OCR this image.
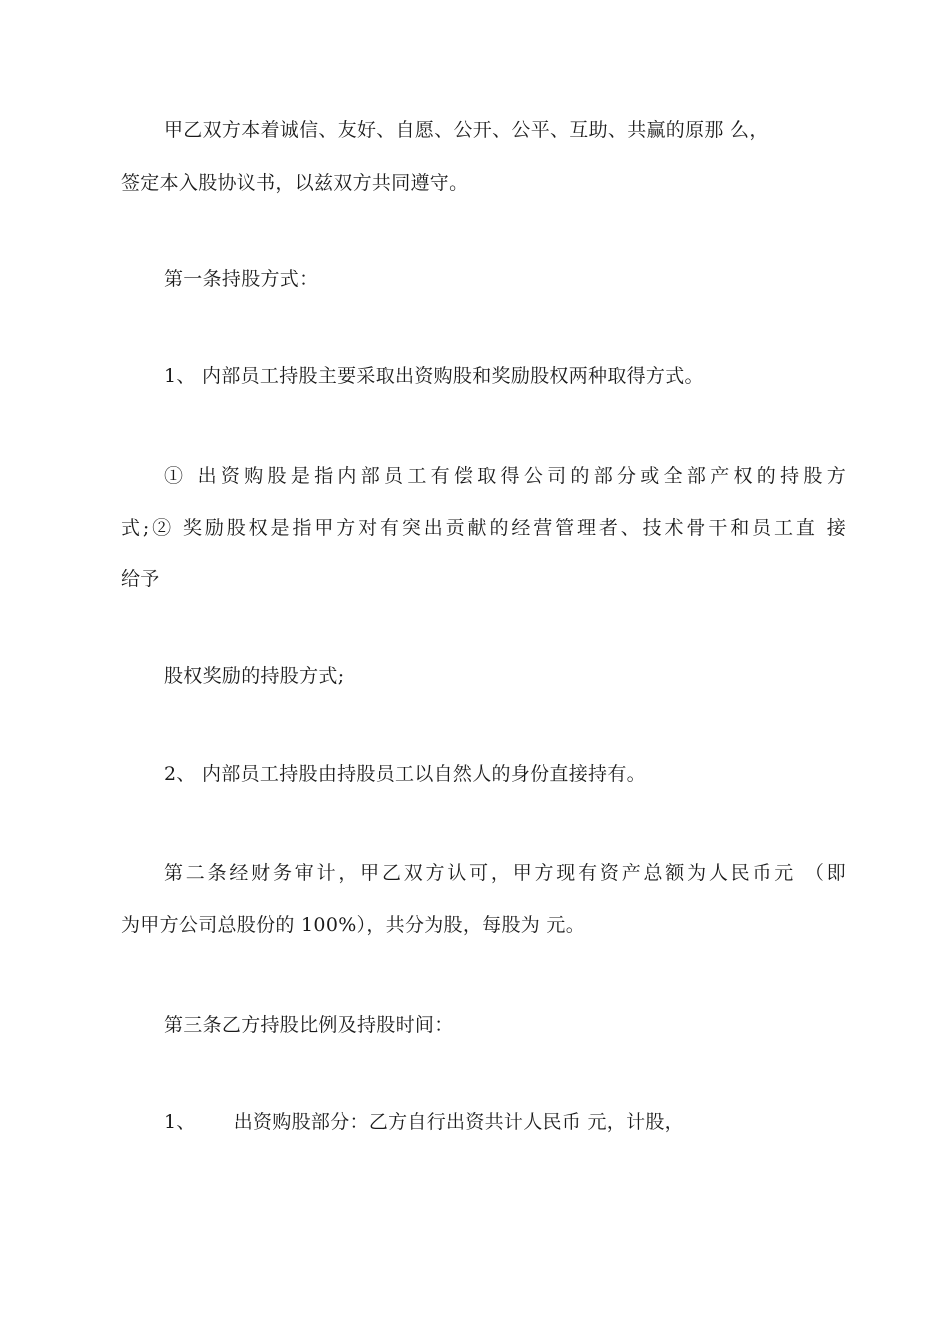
甲乙双方本着诚信、友好、自愿、公开、公平、互助、共赢的原那 么，
签定本入股协议书，以兹双方共同遵守。
第一条持股方式：
1、 内部员工持股主要采取出资购股和奖励股权两种取得方式。
① 出资购股是指内部员工有偿取得公司的部分或全部产权的持股方
式;② 奖励股权是指甲方对有突出贡献的经营管理者、技术骨干和员工直 接
给予
股权奖励的持股方式;
2、 内部员工持股由持股员工以自然人的身份直接持有。
第二条经财务审计，甲乙双方认可，甲方现有资产总额为人民币元 （即
为甲方公司总股份的 100%），共分为股，每股为 元。
第三条乙方持股比例及持股时间：
1、      出资购股部分：乙方自行出资共计人民币 元，计股，
